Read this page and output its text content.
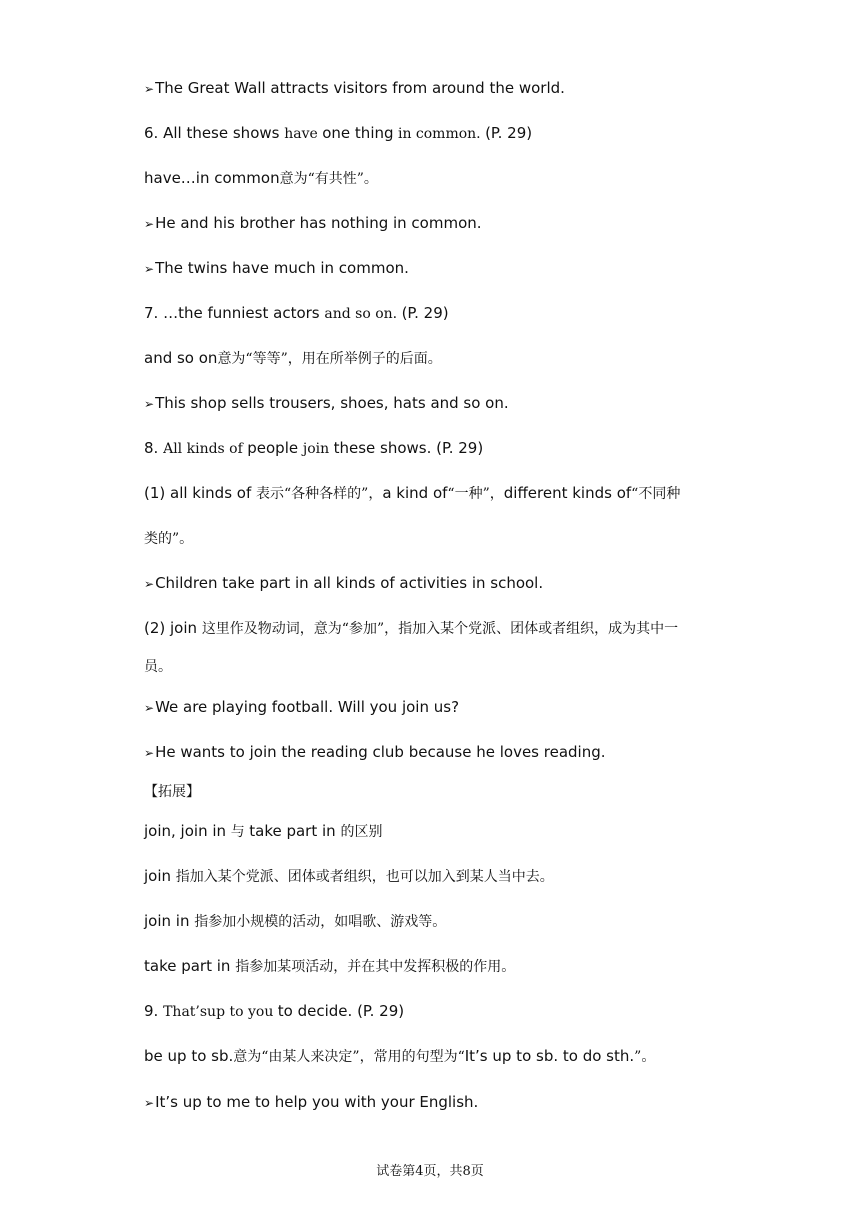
➢The Great Wall attracts visitors from around the world.
6. All these shows have one thing in common. (P. 29)
have…in common意为“有共性”。
➢He and his brother has nothing in common.
➢The twins have much in common.
7. …the funniest actors and so on. (P. 29)
and so on意为“等等”，用在所举例子的后面。
➢This shop sells trousers, shoes, hats and so on.
8. All kinds of people join these shows. (P. 29)
(1) all kinds of 表示“各种各样的”，a kind of“一种”，different kinds of“不同种
类的”。
➢Children take part in all kinds of activities in school.
(2) join 这里作及物动词，意为“参加”，指加入某个党派、团体或者组织，成为其中一
员。
➢We are playing football. Will you join us?
➢He wants to join the reading club because he loves reading.
【拓展】
join, join in 与 take part in 的区别
join 指加入某个党派、团体或者组织，也可以加入到某人当中去。
join in 指参加小规模的活动，如唱歌、游戏等。
take part in 指参加某项活动，并在其中发挥积极的作用。
9. That’sup to you to decide. (P. 29)
be up to sb.意为“由某人来决定”，常用的句型为“It’s up to sb. to do sth.”。
➢It’s up to me to help you with your English.
试卷第4页，共8页
